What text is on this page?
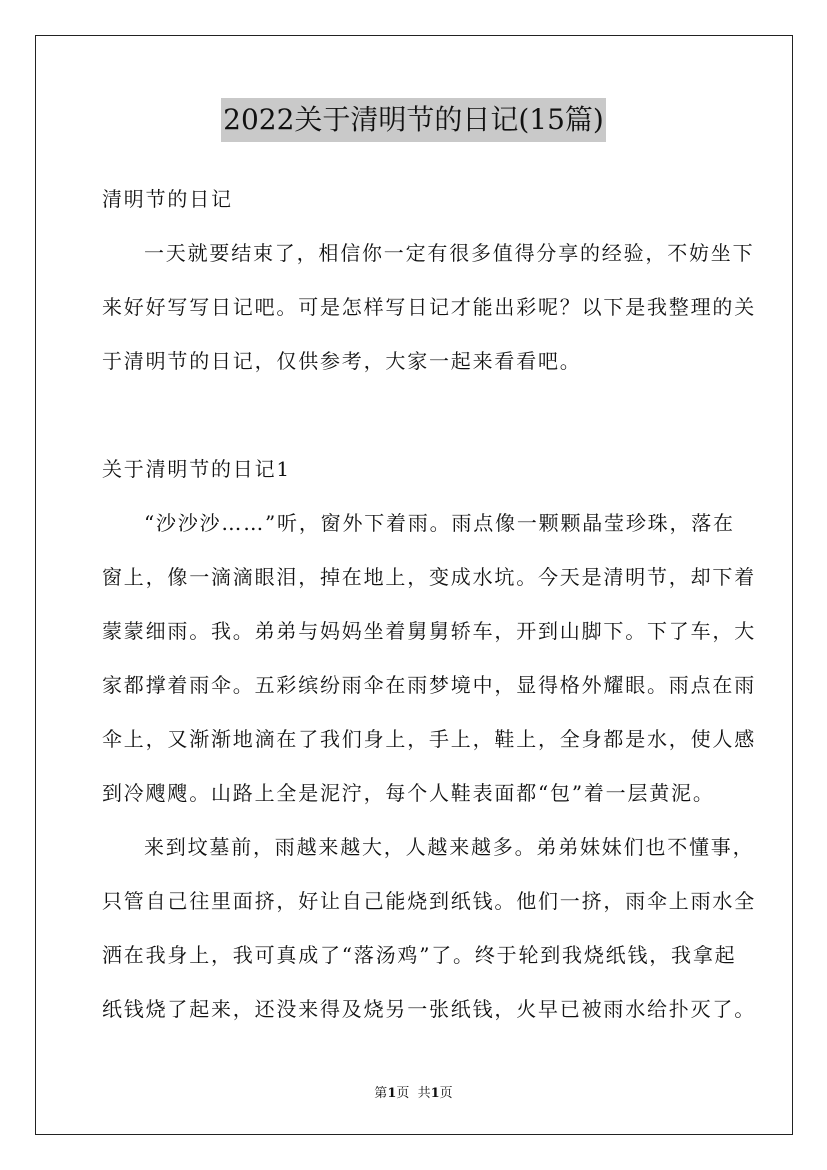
2022关于清明节的日记(15篇)
清明节的日记
一天就要结束了，相信你一定有很多值得分享的经验，不妨坐下
来好好写写日记吧。可是怎样写日记才能出彩呢？以下是我整理的关
于清明节的日记，仅供参考，大家一起来看看吧。
关于清明节的日记1
“沙沙沙……”听，窗外下着雨。雨点像一颗颗晶莹珍珠，落在
窗上，像一滴滴眼泪，掉在地上，变成水坑。今天是清明节，却下着
蒙蒙细雨。我。弟弟与妈妈坐着舅舅轿车，开到山脚下。下了车，大
家都撑着雨伞。五彩缤纷雨伞在雨梦境中，显得格外耀眼。雨点在雨
伞上，又渐渐地滴在了我们身上，手上，鞋上，全身都是水，使人感
到冷飕飕。山路上全是泥泞，每个人鞋表面都“包”着一层黄泥。
来到坟墓前，雨越来越大，人越来越多。弟弟妹妹们也不懂事，
只管自己往里面挤，好让自己能烧到纸钱。他们一挤，雨伞上雨水全
洒在我身上，我可真成了“落汤鸡”了。终于轮到我烧纸钱，我拿起
纸钱烧了起来，还没来得及烧另一张纸钱，火早已被雨水给扑灭了。
第1页  共1页
